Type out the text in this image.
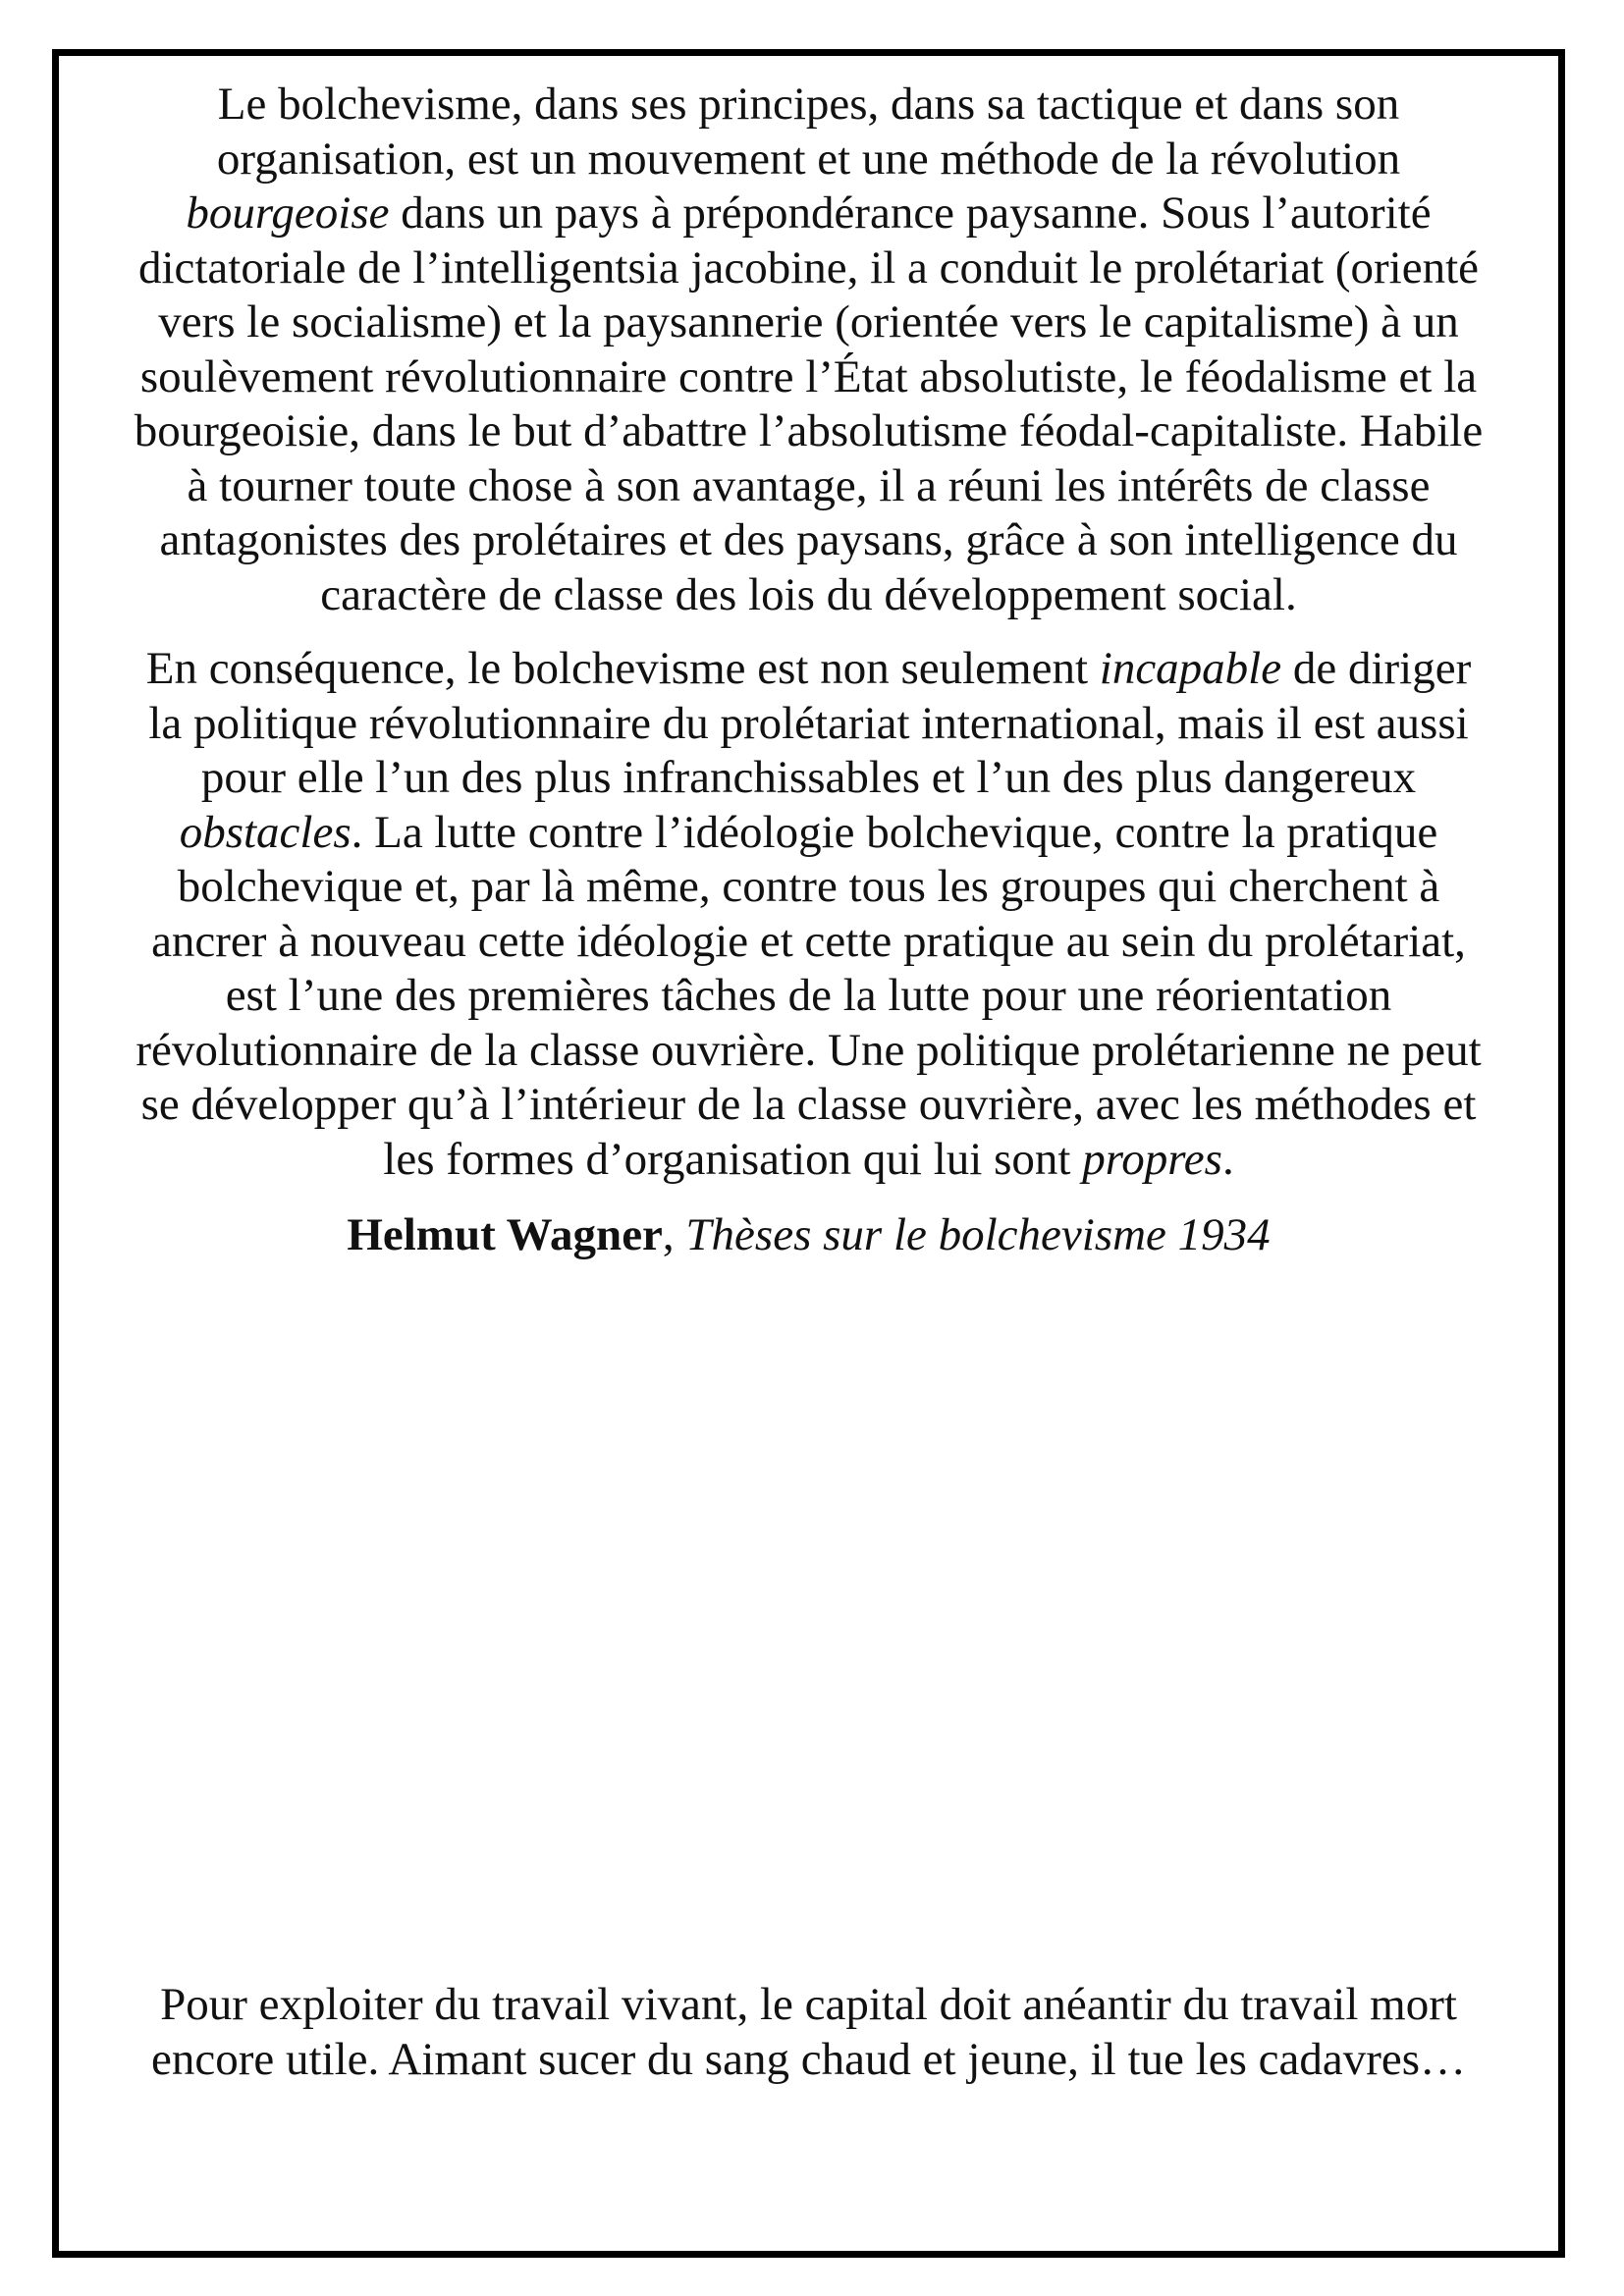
Le bolchevisme, dans ses principes, dans sa tactique et dans son organisation, est un mouvement et une méthode de la révolution bourgeoise dans un pays à prépondérance paysanne. Sous l’autorité dictatoriale de l’intelligentsia jacobine, il a conduit le prolétariat (orienté vers le socialisme) et la paysannerie (orientée vers le capitalisme) à un soulèvement révolutionnaire contre l’État absolutiste, le féodalisme et la bourgeoisie, dans le but d’abattre l’absolutisme féodal-capitaliste. Habile à tourner toute chose à son avantage, il a réuni les intérêts de classe antagonistes des prolétaires et des paysans, grâce à son intelligence du caractère de classe des lois du développement social.

En conséquence, le bolchevisme est non seulement incapable de diriger la politique révolutionnaire du prolétariat international, mais il est aussi pour elle l’un des plus infranchissables et l’un des plus dangereux obstacles. La lutte contre l’idéologie bolchevique, contre la pratique bolchevique et, par là même, contre tous les groupes qui cherchent à ancrer à nouveau cette idéologie et cette pratique au sein du prolétariat, est l’une des premières tâches de la lutte pour une réorientation révolutionnaire de la classe ouvrière. Une politique prolétarienne ne peut se développer qu’à l’intérieur de la classe ouvrière, avec les méthodes et les formes d’organisation qui lui sont propres.

Helmut Wagner, Thèses sur le bolchevisme 1934

Pour exploiter du travail vivant, le capital doit anéantir du travail mort encore utile. Aimant sucer du sang chaud et jeune, il tue les cadavres…
